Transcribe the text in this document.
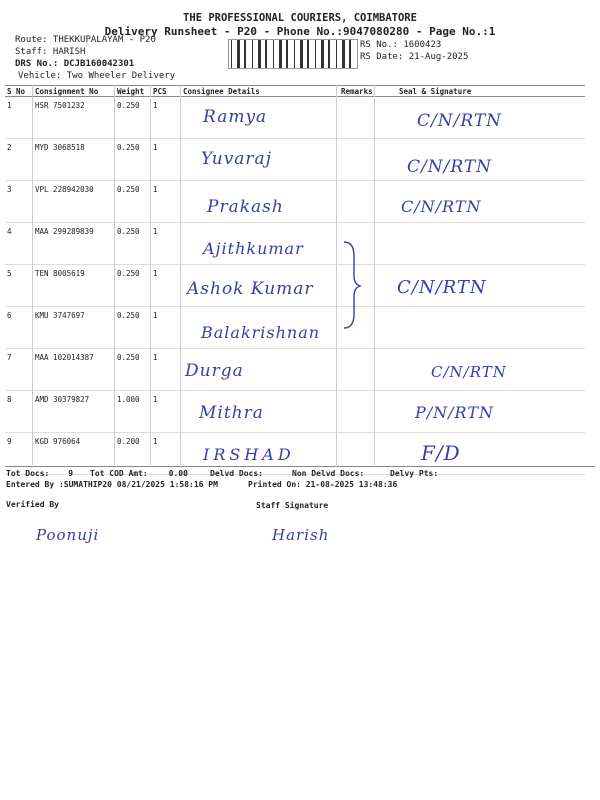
THE PROFESSIONAL COURIERS, COIMBATORE
Delivery Runsheet - P20 - Phone No.:9047080280 - Page No.:1
Route: THEKKUPALAYAM - P20
Staff: HARISH
DRS No.: DCJB160042301
Vehicle: Two Wheeler Delivery
RS No.: 1600423
RS Date: 21-Aug-2025
S No	Consignment No	Weight	PCS	Consignee Details	Remarks	Seal & Signature
1	HSR 7501232	0.250	1	Ramya		C/N/RTN

2	MYD 3068518	0.250	1	Yuvaraj		C/N/RTN

3	VPL 228942030	0.250	1	Prakash		C/N/RTN

4	MAA 299289839	0.250	1	Ajithkumar		

5	TEN 8005619	0.250	1	Ashok Kumar		C/N/RTN

6	KMU 3747697	0.250	1	Balakrishnan		

7	MAA 102014387	0.250	1	Durga		C/N/RTN

8	AMD 30379827	1.000	1	Mithra		P/N/RTN

9	KGD 976064	0.200	1	IRSHAD		F/D
Tot Docs: 9 Tot COD Amt:	0.00	Delvd Docs:	Non Delvd Docs:	Delvy Pts:
Entered By :SUMATHIP20 08/21/2025 1:58:16 PM	Printed On: 21-08-2025 13:48:36
Verified By	Staff Signature
Poonuji	Harish
